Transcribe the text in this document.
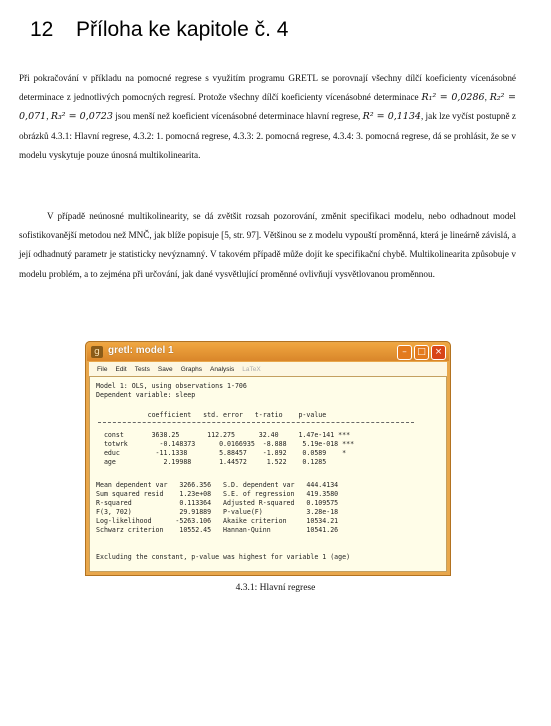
12 Příloha ke kapitole č. 4
Při pokračování v příkladu na pomocné regrese s využitím programu GRETL se porovnají všechny dílčí koeficienty vícenásobné determinace z jednotlivých pomocných regresí. Protože všechny dílčí koeficienty vícenásobné determinace R₁² = 0,0286, R₂² = 0,071, R₃² = 0,0723 jsou menší než koeficient vícenásobné determinace hlavní regrese, R² = 0,1134, jak lze vyčíst postupně z obrázků 4.3.1: Hlavní regrese, 4.3.2: 1. pomocná regrese, 4.3.3: 2. pomocná regrese, 4.3.4: 3. pomocná regrese, dá se prohlásit, že se v modelu vyskytuje pouze únosná multikolinearita.
V případě neúnosné multikolinearity, se dá zvětšit rozsah pozorování, změnit specifikaci modelu, nebo odhadnout model sofistikovanější metodou než MNČ, jak blíže popisuje [5, str. 97]. Většinou se z modelu vypouští proměnná, která je lineárně závislá, a její odhadnutý parametr je statisticky nevýznamný. V takovém případě může dojít ke specifikační chybě. Multikolinearita způsobuje v modelu problém, a to zejména při určování, jak dané vysvětlující proměnné ovlivňují vysvětlovanou proměnnou.
g gretl: model 1	–	□ ×
File Edit Tests Save Graphs Analysis LaTeX
Model 1: OLS, using observations 1-706
Dependent variable: sleep
coefficient   std. error   t-ratio    p-value
const       3638.25       112.275      32.40     1.47e-141 ***
totwrk        -0.148373      0.0166935  -8.888    5.19e-018 ***
educ         -11.1338        5.88457    -1.892    0.0589    *
age            2.19988       1.44572     1.522    0.1285
Mean dependent var   3266.356   S.D. dependent var   444.4134
Sum squared resid    1.23e+08   S.E. of regression   419.3580
R-squared            0.113364   Adjusted R-squared   0.109575
F(3, 702)            29.91889   P-value(F)           3.28e-18
Log-likelihood      -5263.106   Akaike criterion     10534.21
Schwarz criterion    10552.45   Hannan-Quinn         10541.26
Excluding the constant, p-value was highest for variable 1 (age)
4.3.1: Hlavní regrese
